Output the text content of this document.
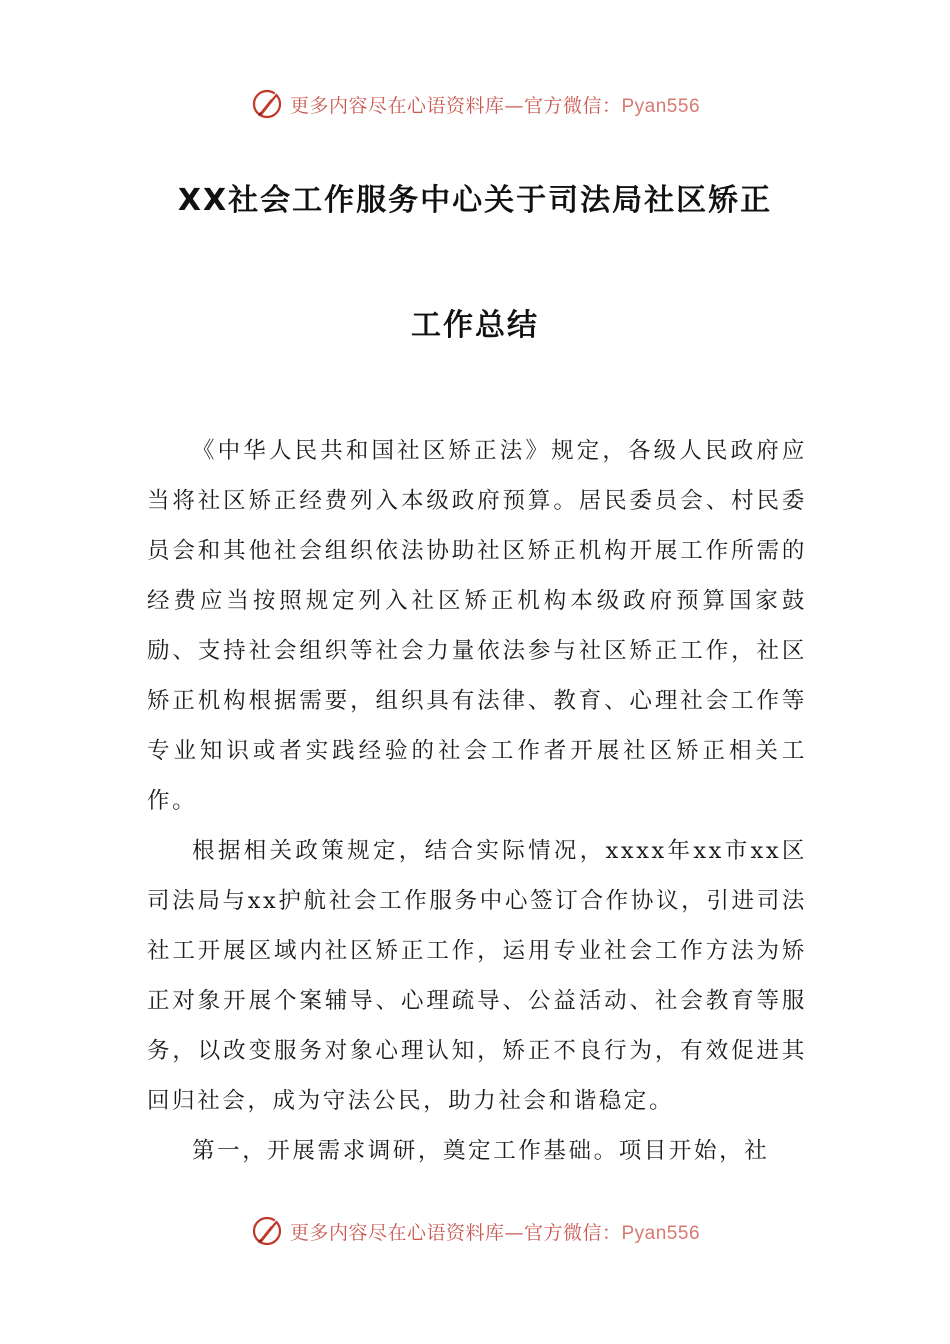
更多内容尽在心语资料库—官方微信：Pyan556
XX社会工作服务中心关于司法局社区矫正
工作总结

《中华人民共和国社区矫正法》规定，各级人民政府应当将社区矫正经费列入本级政府预算。居民委员会、村民委员会和其他社会组织依法协助社区矫正机构开展工作所需的经费应当按照规定列入社区矫正机构本级政府预算国家鼓励、支持社会组织等社会力量依法参与社区矫正工作，社区矫正机构根据需要，组织具有法律、教育、心理社会工作等专业知识或者实践经验的社会工作者开展社区矫正相关工作。

根据相关政策规定，结合实际情况，xxxx年xx市xx区司法局与xx护航社会工作服务中心签订合作协议，引进司法社工开展区域内社区矫正工作，运用专业社会工作方法为矫正对象开展个案辅导、心理疏导、公益活动、社会教育等服务，以改变服务对象心理认知，矫正不良行为，有效促进其回归社会，成为守法公民，助力社会和谐稳定。

第一，开展需求调研，奠定工作基础。项目开始，社

更多内容尽在心语资料库—官方微信：Pyan556
